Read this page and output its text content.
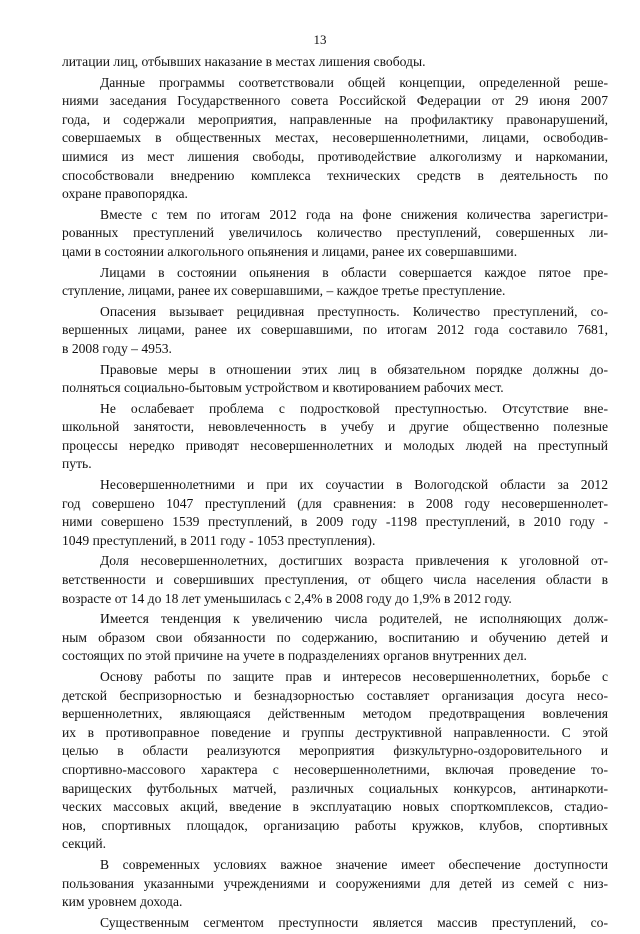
13
литации лиц, отбывших наказание в местах лишения свободы.
Данные программы соответствовали общей концепции, определенной реше-
ниями заседания Государственного совета Российской Федерации от 29 июня 2007
года, и содержали мероприятия, направленные на профилактику правонарушений,
совершаемых в общественных местах, несовершеннолетними, лицами, освободив-
шимися из мест лишения свободы, противодействие алкоголизму и наркомании,
способствовали внедрению комплекса технических средств в деятельность по
охране правопорядка.
Вместе с тем по итогам 2012 года на фоне снижения количества зарегистри-
рованных преступлений увеличилось количество преступлений, совершенных ли-
цами в состоянии алкогольного опьянения и лицами, ранее их совершавшими.
Лицами в состоянии опьянения в области совершается каждое пятое пре-
ступление, лицами, ранее их совершавшими, – каждое третье преступление.
Опасения вызывает рецидивная преступность. Количество преступлений, со-
вершенных лицами, ранее их совершавшими, по итогам 2012 года составило 7681,
в 2008 году – 4953.
Правовые меры в отношении этих лиц в обязательном порядке должны до-
полняться социально-бытовым устройством и квотированием рабочих мест.
Не ослабевает проблема с подростковой преступностью. Отсутствие вне-
школьной занятости, невовлеченность в учебу и другие общественно полезные
процессы нередко приводят несовершеннолетних и молодых людей на преступный
путь.
Несовершеннолетними и при их соучастии в Вологодской области за 2012
год совершено 1047 преступлений (для сравнения: в 2008 году несовершеннолет-
ними совершено 1539 преступлений, в 2009 году -1198 преступлений, в 2010 году -
1049 преступлений, в 2011 году - 1053 преступления).
Доля несовершеннолетних, достигших возраста привлечения к уголовной от-
ветственности и совершивших преступления, от общего числа населения области в
возрасте от 14 до 18 лет уменьшилась с 2,4% в 2008 году до 1,9% в 2012 году.
Имеется тенденция к увеличению числа родителей, не исполняющих долж-
ным образом свои обязанности по содержанию, воспитанию и обучению детей и
состоящих по этой причине на учете в подразделениях органов внутренних дел.
Основу работы по защите прав и интересов несовершеннолетних, борьбе с
детской беспризорностью и безнадзорностью составляет организация досуга несо-
вершеннолетних, являющаяся действенным методом предотвращения вовлечения
их в противоправное поведение и группы деструктивной направленности. С этой
целью в области реализуются мероприятия физкультурно-оздоровительного и
спортивно-массового характера с несовершеннолетними, включая проведение то-
варищеских футбольных матчей, различных социальных конкурсов, антинаркоти-
ческих массовых акций, введение в эксплуатацию новых спорткомплексов, стадио-
нов, спортивных площадок, организацию работы кружков, клубов, спортивных
секций.
В современных условиях важное значение имеет обеспечение доступности
пользования указанными учреждениями и сооружениями для детей из семей с низ-
ким уровнем дохода.
Существенным сегментом преступности является массив преступлений, со-
